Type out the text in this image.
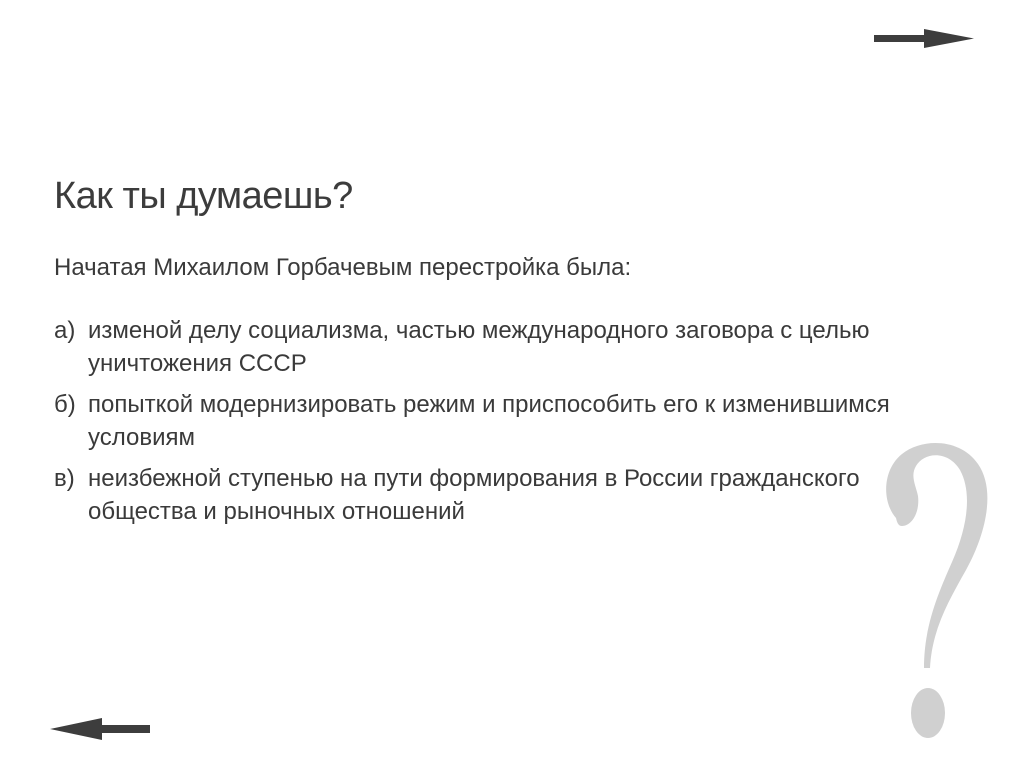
Как ты думаешь?
Начатая Михаилом Горбачевым перестройка была:
а) изменой делу социализма, частью международного заговора с целью уничтожения СССР
б) попыткой модернизировать режим и приспособить его к изменившимся условиям
в) неизбежной ступенью на пути формирования в России гражданского общества и рыночных отношений
